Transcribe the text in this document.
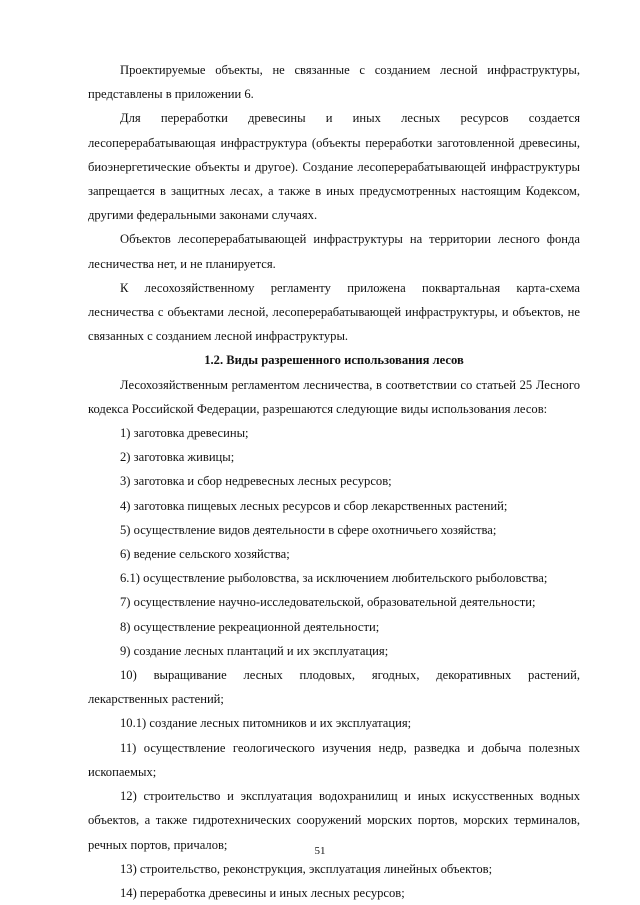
Проектируемые объекты, не связанные с созданием лесной инфраструктуры, представлены в приложении 6.

Для переработки древесины и иных лесных ресурсов создается лесоперерабатывающая инфраструктура (объекты переработки заготовленной древесины, биоэнергетические объекты и другое). Создание лесоперерабатывающей инфраструктуры запрещается в защитных лесах, а также в иных предусмотренных настоящим Кодексом, другими федеральными законами случаях.

Объектов лесоперерабатывающей инфраструктуры на территории лесного фонда лесничества нет, и не планируется.

К лесохозяйственному регламенту приложена поквартальная карта-схема лесничества с объектами лесной, лесоперерабатывающей инфраструктуры, и объектов, не связанных с созданием лесной инфраструктуры.

1.2. Виды разрешенного использования лесов

Лесохозяйственным регламентом лесничества, в соответствии со статьей 25 Лесного кодекса Российской Федерации, разрешаются следующие виды использования лесов:

1) заготовка древесины;

2) заготовка живицы;

3) заготовка и сбор недревесных лесных ресурсов;

4) заготовка пищевых лесных ресурсов и сбор лекарственных растений;

5) осуществление видов деятельности в сфере охотничьего хозяйства;

6) ведение сельского хозяйства;

6.1) осуществление рыболовства, за исключением любительского рыболовства;

7) осуществление научно-исследовательской, образовательной деятельности;

8) осуществление рекреационной деятельности;

9) создание лесных плантаций и их эксплуатация;

10) выращивание лесных плодовых, ягодных, декоративных растений, лекарственных растений;

10.1) создание лесных питомников и их эксплуатация;

11) осуществление геологического изучения недр, разведка и добыча полезных ископаемых;

12) строительство и эксплуатация водохранилищ и иных искусственных водных объектов, а также гидротехнических сооружений морских портов, морских терминалов, речных портов, причалов;

13) строительство, реконструкция, эксплуатация линейных объектов;

14) переработка древесины и иных лесных ресурсов;

51
